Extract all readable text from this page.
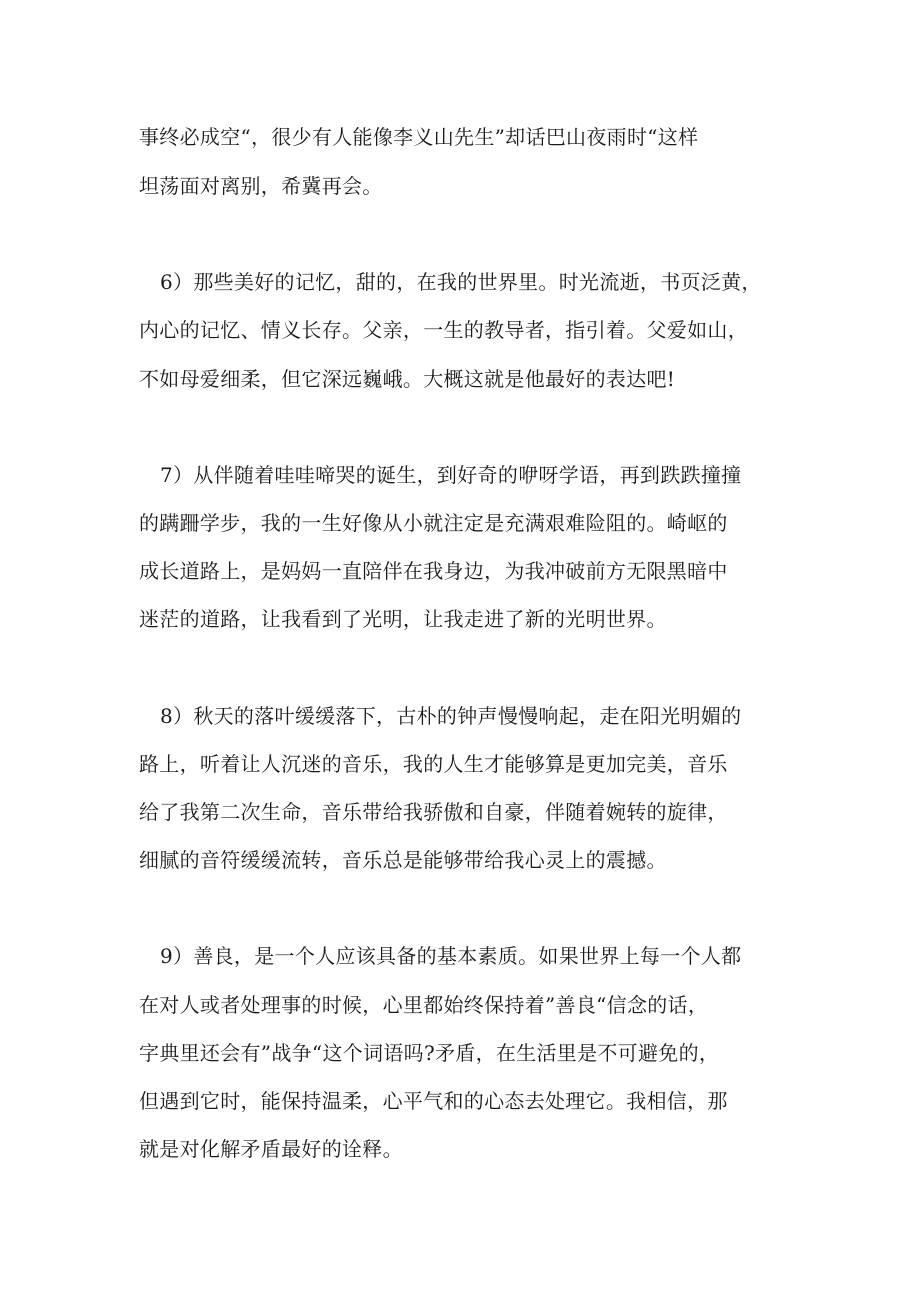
事终必成空“，很少有人能像李义山先生”却话巴山夜雨时“这样
坦荡面对离别，希冀再会。
6）那些美好的记忆，甜的，在我的世界里。时光流逝，书页泛黄，
内心的记忆、情义长存。父亲，一生的教导者，指引着。父爱如山，
不如母爱细柔，但它深远巍峨。大概这就是他最好的表达吧!
7）从伴随着哇哇啼哭的诞生，到好奇的咿呀学语，再到跌跌撞撞
的蹒跚学步，我的一生好像从小就注定是充满艰难险阻的。崎岖的
成长道路上，是妈妈一直陪伴在我身边，为我冲破前方无限黑暗中
迷茫的道路，让我看到了光明，让我走进了新的光明世界。
8）秋天的落叶缓缓落下，古朴的钟声慢慢响起，走在阳光明媚的
路上，听着让人沉迷的音乐，我的人生才能够算是更加完美，音乐
给了我第二次生命，音乐带给我骄傲和自豪，伴随着婉转的旋律，
细腻的音符缓缓流转，音乐总是能够带给我心灵上的震撼。
9）善良，是一个人应该具备的基本素质。如果世界上每一个人都
在对人或者处理事的时候，心里都始终保持着”善良“信念的话，
字典里还会有”战争“这个词语吗?矛盾，在生活里是不可避免的，
但遇到它时，能保持温柔，心平气和的心态去处理它。我相信，那
就是对化解矛盾最好的诠释。
